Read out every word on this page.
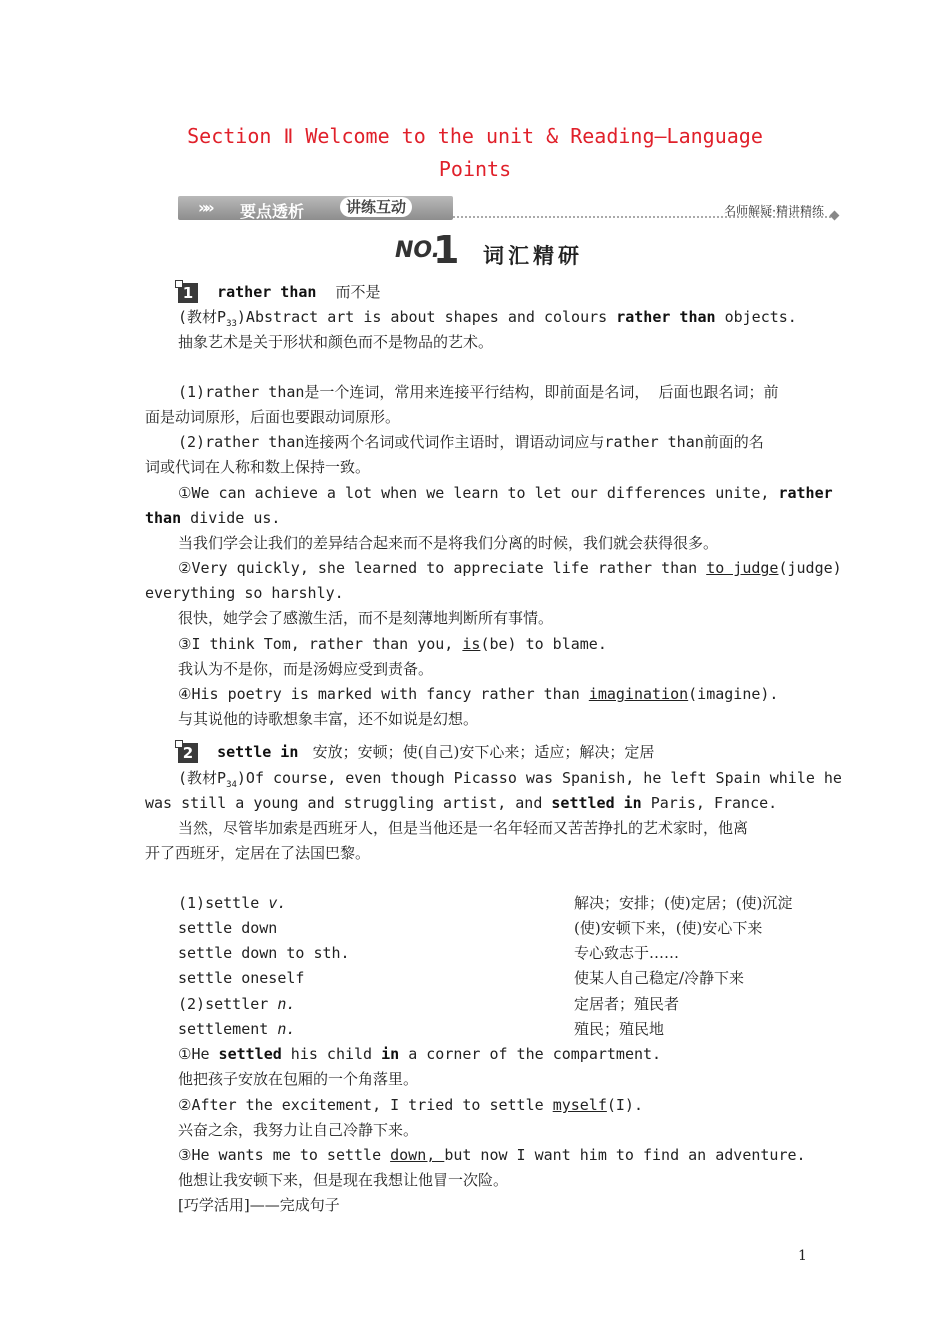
Section Ⅱ Welcome to the unit & Reading—Language
Points
»» 要点透析	讲练互动	名师解疑·精讲精练
NO.
1 词汇精研
1 rather than 而不是
(教材$P_{33})Abstract$ art is about shapes and colours rather than objects.
抽象艺术是关于形状和颜色而不是物品的艺术。
(1)rather than是一个连词，常用来连接平行结构，即前面是名词， 后面也跟名词；前
面是动词原形，后面也要跟动词原形。
(2)rather than连接两个名词或代词作主语时，谓语动词应与rather than前面的名
词或代词在人称和数上保持一致。
①We can achieve a lot when we learn to let our differences unite, rather
than divide us.
当我们学会让我们的差异结合起来而不是将我们分离的时候，我们就会获得很多。
②Very quickly, she learned to appreciate life rather than to judge(judge)
everything so harshly.
很快，她学会了感激生活，而不是刻薄地判断所有事情。
③I think Tom, rather than you, is(be) to blame.
我认为不是你，而是汤姆应受到责备。
④His poetry is marked with fancy rather than imagination(imagine).
与其说他的诗歌想象丰富，还不如说是幻想。
2 settle in 安放；安顿；使(自己)安下心来；适应；解决；定居
(教材$P_{34})Of$ course, even though Picasso was Spanish, he left Spain while he
was still a young and struggling artist, and settled in Paris, France.
当然，尽管毕加索是西班牙人，但是当他还是一名年轻而又苦苦挣扎的艺术家时，他离
开了西班牙，定居在了法国巴黎。
(1)settle v.	解决；安排；(使)定居；(使)沉淀
settle down	(使)安顿下来，(使)安心下来
settle down to sth.	专心致志于……
settle oneself	使某人自己稳定/冷静下来
(2)settler n.	定居者；殖民者
settlement n.	殖民；殖民地
①He settled his child in a corner of the compartment.
他把孩子安放在包厢的一个角落里。
②After the excitement, I tried to settle myself(I).
兴奋之余，我努力让自己冷静下来。
③He wants me to settle down, but now I want him to find an adventure.
他想让我安顿下来，但是现在我想让他冒一次险。
[巧学活用]——完成句子
1
